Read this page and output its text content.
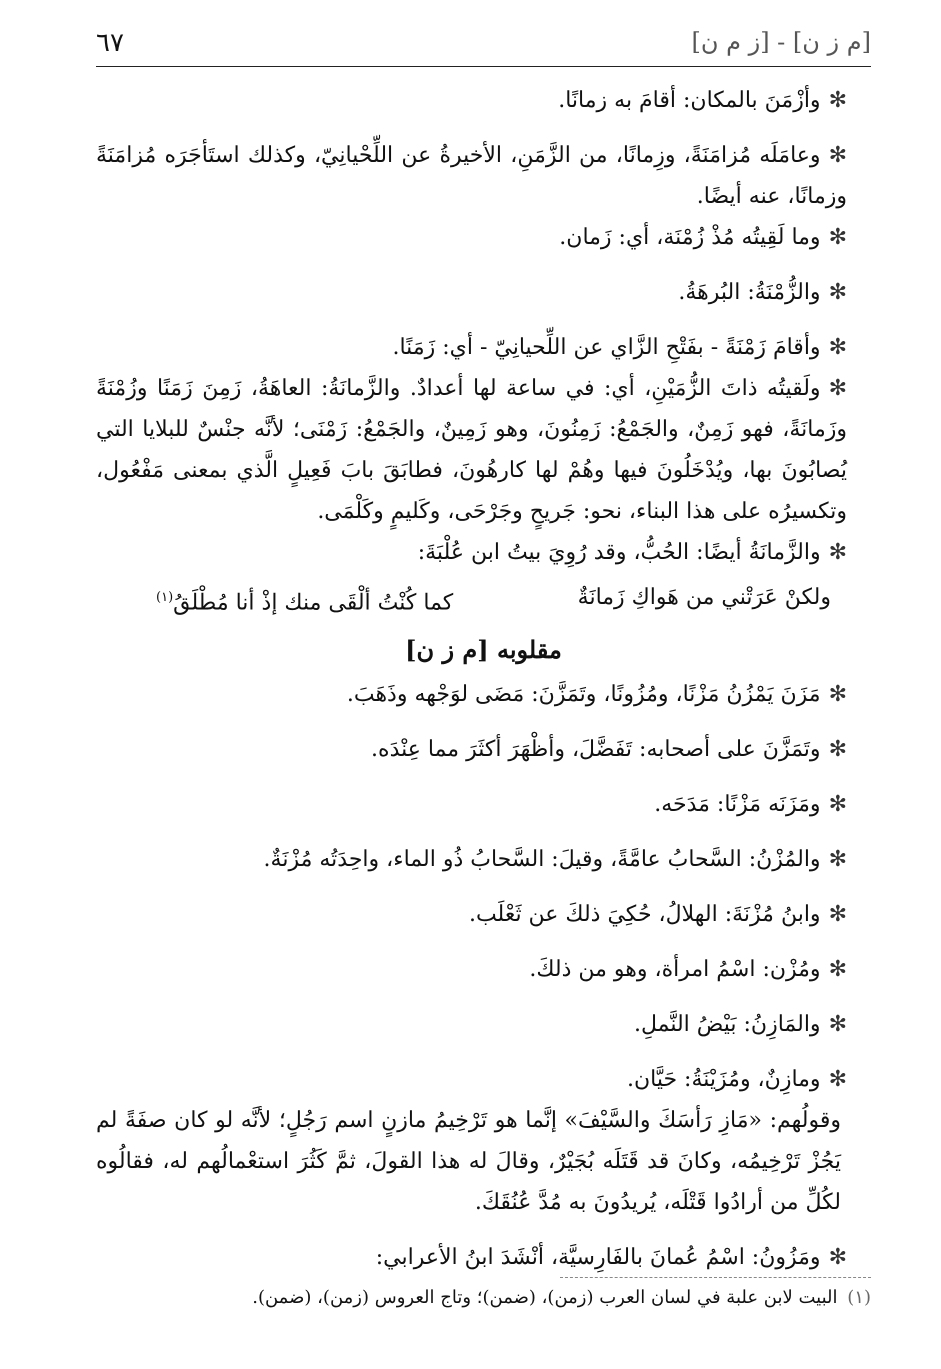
٦٧	[ز م ن] - [م ز ن]

✻وأزْمَنَ بالمكان: أقامَ به زمانًا.

✻وعامَلَه مُزامَنَةً، وزِمانًا، من الزَّمَنِ، الأخيرةُ عن اللِّحْيانِيّ، وكذلك استَأجَرَه مُزامَنَةً وزمانًا، عنه أيضًا.

✻وما لَقِيتُه مُذْ زُمْنَة، أي: زَمان.

✻والزُّمْنَةُ: البُرهَةُ.

✻وأقامَ زَمْنَةً - بفَتْحِ الزَّاي عن اللِّحيانِيّ - أي: زَمَنًا.

✻ولَقيتُه ذاتَ الزُّمَيْنِ، أي: في ساعة لها أعدادٌ. والزَّمانَةُ: العاهَةُ، زَمِنَ زَمَنًا وزُمْنَةً وزَمانَةً، فهو زَمِنٌ، والجَمْعُ: زَمِنُونَ، وهو زَمِينٌ، والجَمْعُ: زَمْنَى؛ لأنَّه جنْسٌ للبلايا التي يُصابُونَ بها، ويُدْخَلُونَ فيها وهُمْ لها كارهُونَ، فطابَقَ بابَ فَعِيلٍ الَّذي بمعنى مَفْعُول، وتكسيرُه على هذا البناء، نحو: جَريحٍ وجَرْحَى، وكَليمٍ وكَلْمَى.

✻والزَّمانَةُ أيضًا: الحُبُّ، وقد رُوِيَ بيتُ ابن عُلْبَةَ:

ولكنْ عَرَتْني من هَواكِ زَمانَةٌ
كما كُنْتُ ألْقَى منك إذْ أنا مُطْلَقُ$^{(١)}$
مقلوبه [م ز ن]

✻مَزَنَ يَمْزُنُ مَزْنًا، ومُزُونًا، وتَمَزَّنَ: مَضَى لوَجْهه وذَهَبَ.

✻وتَمَزَّنَ على أصحابه: تَفَضَّلَ، وأظْهَرَ أكثَرَ مما عِنْدَه.

✻ومَزَنَه مَزْنًا: مَدَحَه.

✻والمُزْنُ: السَّحابُ عامَّةً، وقيلَ: السَّحابُ ذُو الماء، واحِدَتُه مُزْنَةٌ.

✻وابنُ مُزْنَةَ: الهلالُ، حُكِيَ ذلكَ عن ثَعْلَب.

✻ومُزْن: اسْمُ امرأة، وهو من ذلكَ.

✻والمَازِنُ: بَيْضُ النَّملِ.

✻ومازِنٌ، ومُزَيْنَةُ: حَيَّان.

وقولُهم: «مَازِ رَأسَكَ والسَّيْفَ» إنَّما هو تَرْخِيمُ مازنٍ اسم رَجُلٍ؛ لأنَّه لو كان صفَةً لم يَجُزْ تَرْخِيمُه، وكانَ قد قَتَلَه بُجَيْرٌ، وقالَ له هذا القولَ، ثمَّ كَثُرَ استعْمالُهم له، فقالُوه لكُلِّ من أرادُوا قَتْلَه، يُريدُونَ به مُدَّ عُنُقَكَ.

✻ومَزُونُ: اسْمُ عُمانَ بالفَارِسيَّة، أنْشَدَ ابنُ الأعرابي:

(١) البيت لابن علبة في لسان العرب (زمن)، (ضمن)؛ وتاج العروس (زمن)، (ضمن).
